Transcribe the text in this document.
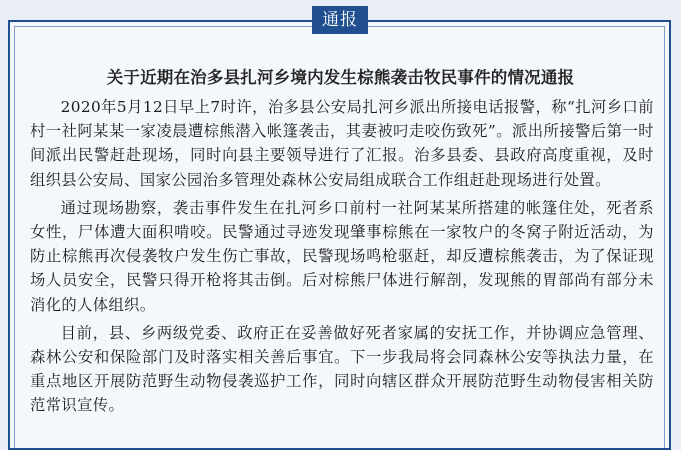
通报
关于近期在治多县扎河乡境内发生棕熊袭击牧民事件的情况通报

2020年5月12日早上7时许，治多县公安局扎河乡派出所接电话报警，称“扎河乡口前村一社阿某某一家凌晨遭棕熊潜入帐篷袭击，其妻被叼走咬伤致死”。派出所接警后第一时间派出民警赶赴现场，同时向县主要领导进行了汇报。治多县委、县政府高度重视，及时组织县公安局、国家公园治多管理处森林公安局组成联合工作组赶赴现场进行处置。

通过现场勘察，袭击事件发生在扎河乡口前村一社阿某某所搭建的帐篷住处，死者系女性，尸体遭大面积啃咬。民警通过寻迹发现肇事棕熊在一家牧户的冬窝子附近活动，为防止棕熊再次侵袭牧户发生伤亡事故，民警现场鸣枪驱赶，却反遭棕熊袭击，为了保证现场人员安全，民警只得开枪将其击倒。后对棕熊尸体进行解剖，发现熊的胃部尚有部分未消化的人体组织。

目前，县、乡两级党委、政府正在妥善做好死者家属的安抚工作，并协调应急管理、森林公安和保险部门及时落实相关善后事宜。下一步我局将会同森林公安等执法力量，在重点地区开展防范野生动物侵袭巡护工作，同时向辖区群众开展防范野生动物侵害相关防范常识宣传。
